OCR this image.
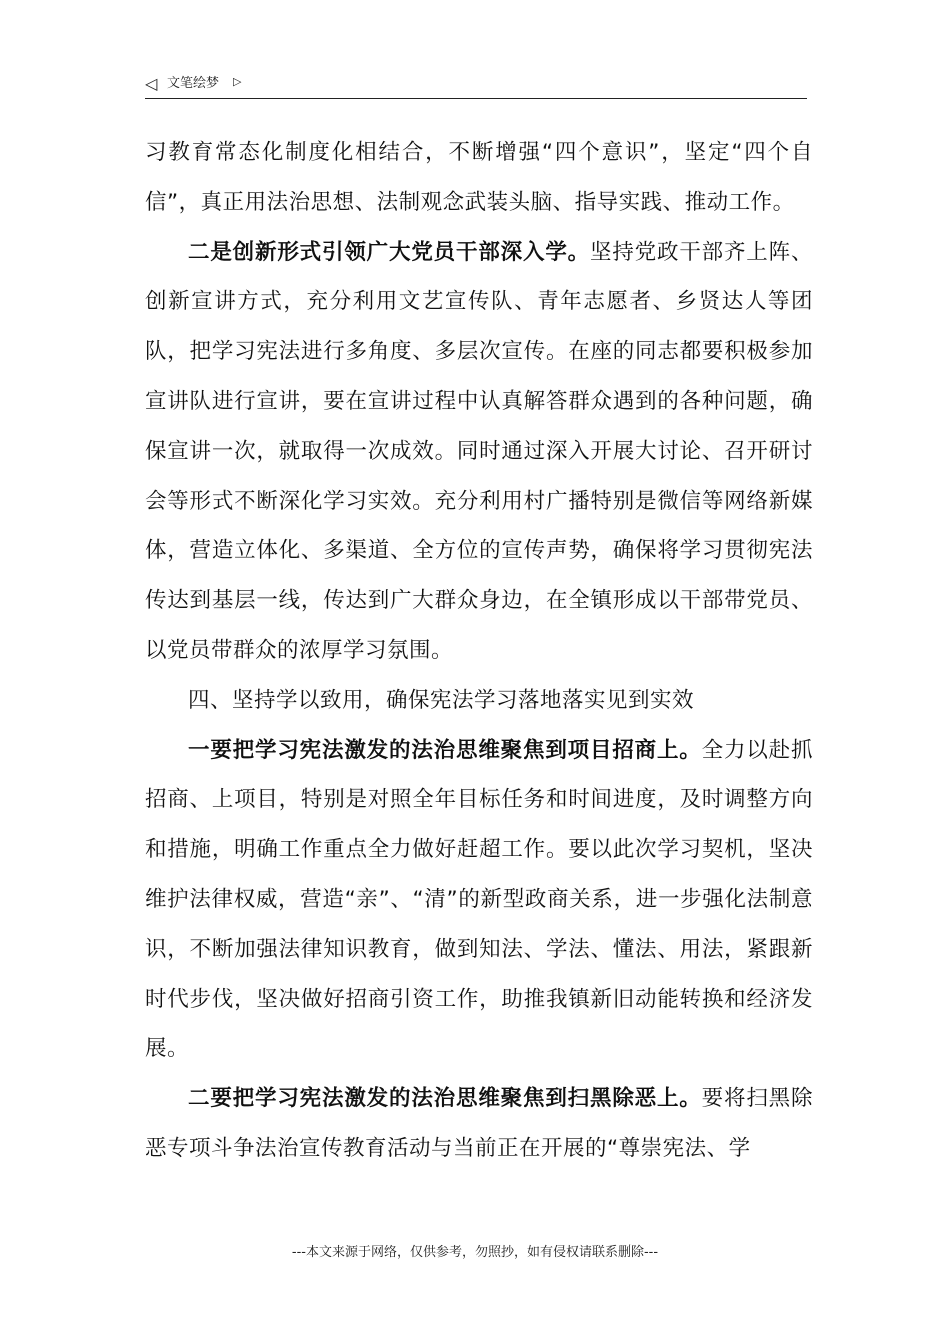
◁ 文笔绘梦 ▷

习教育常态化制度化相结合，不断增强“四个意识”，坚定“四个自信”，真正用法治思想、法制观念武装头脑、指导实践、推动工作。

二是创新形式引领广大党员干部深入学。坚持党政干部齐上阵、创新宣讲方式，充分利用文艺宣传队、青年志愿者、乡贤达人等团队，把学习宪法进行多角度、多层次宣传。在座的同志都要积极参加宣讲队进行宣讲，要在宣讲过程中认真解答群众遇到的各种问题，确保宣讲一次，就取得一次成效。同时通过深入开展大讨论、召开研讨会等形式不断深化学习实效。充分利用村广播特别是微信等网络新媒体，营造立体化、多渠道、全方位的宣传声势，确保将学习贯彻宪法传达到基层一线，传达到广大群众身边，在全镇形成以干部带党员、以党员带群众的浓厚学习氛围。

四、坚持学以致用，确保宪法学习落地落实见到实效

一要把学习宪法激发的法治思维聚焦到项目招商上。全力以赴抓招商、上项目，特别是对照全年目标任务和时间进度，及时调整方向和措施，明确工作重点全力做好赶超工作。要以此次学习契机，坚决维护法律权威，营造“亲”、“清”的新型政商关系，进一步强化法制意识，不断加强法律知识教育，做到知法、学法、懂法、用法，紧跟新时代步伐，坚决做好招商引资工作，助推我镇新旧动能转换和经济发展。

二要把学习宪法激发的法治思维聚焦到扫黑除恶上。要将扫黑除恶专项斗争法治宣传教育活动与当前正在开展的“尊崇宪法、学

---本文来源于网络，仅供参考，勿照抄，如有侵权请联系删除---
